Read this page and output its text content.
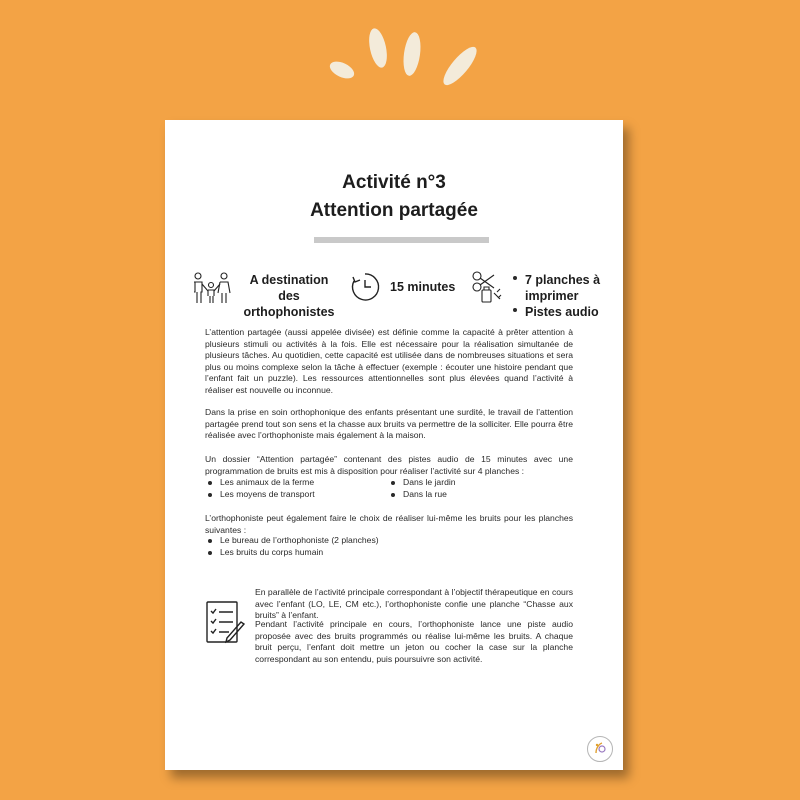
Activité n°3
Attention partagée
A destination des
orthophonistes
15 minutes	7 planches à
imprimer
Pistes audio

L’attention partagée (aussi appelée divisée) est définie comme la capacité à prêter attention à plusieurs stimuli ou activités à la fois. Elle est nécessaire pour la réalisation simultanée de plusieurs tâches. Au quotidien, cette capacité est utilisée dans de nombreuses situations et sera plus ou moins complexe selon la tâche à effectuer (exemple : écouter une histoire pendant que l’enfant fait un puzzle). Les ressources attentionnelles sont plus élevées quand l’activité à réaliser est nouvelle ou inconnue.

Dans la prise en soin orthophonique des enfants présentant une surdité, le travail de l’attention partagée prend tout son sens et la chasse aux bruits va permettre de la solliciter. Elle pourra être réalisée avec l’orthophoniste mais également à la maison.

Un dossier “Attention partagée” contenant des pistes audio de 15 minutes avec une programmation de bruits est mis à disposition pour réaliser l’activité sur 4 planches :

Les animaux de la ferme
Les moyens de transport
Dans le jardin
Dans la rue

L’orthophoniste peut également faire le choix de réaliser lui-même les bruits pour les planches suivantes :

Le bureau de l’orthophoniste (2 planches)
Les bruits du corps humain

En parallèle de l’activité principale correspondant à l’objectif thérapeutique en cours avec l’enfant (LO, LE, CM etc.), l’orthophoniste confie une planche “Chasse aux bruits” à l’enfant.

Pendant l’activité principale en cours, l’orthophoniste lance une piste audio proposée avec des bruits programmés ou réalise lui-même les bruits. A chaque bruit perçu, l’enfant doit mettre un jeton ou cocher la case sur la planche correspondant au son entendu, puis poursuivre son activité.
